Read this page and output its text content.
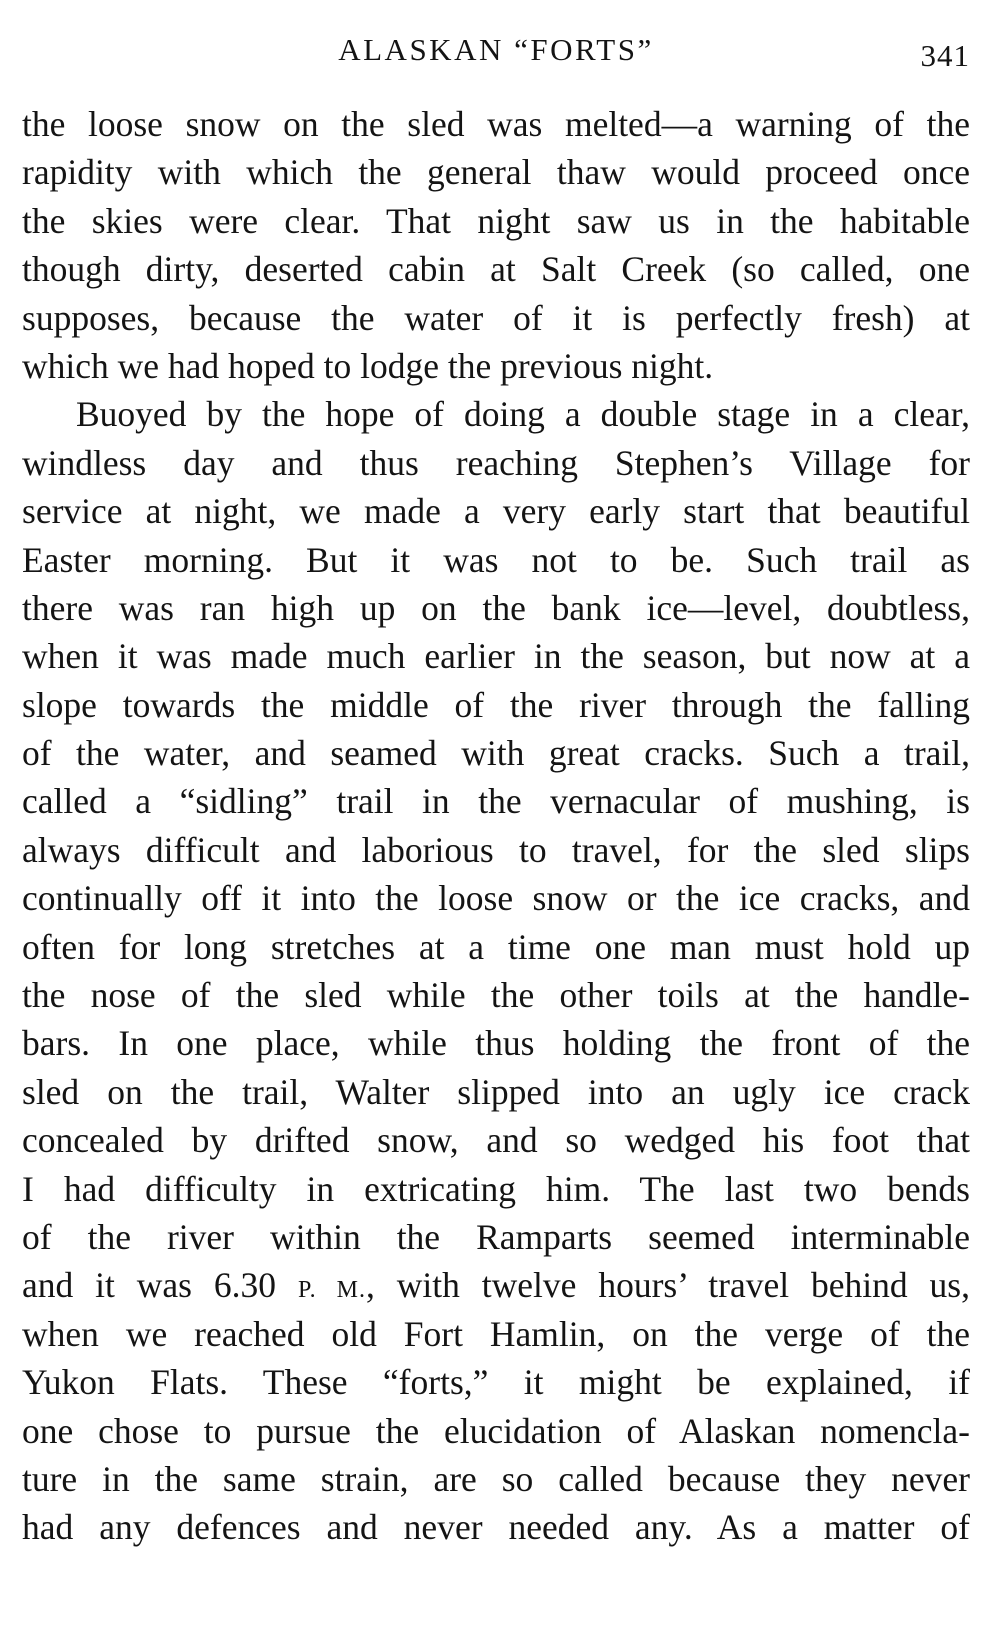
ALASKAN “FORTS”	341
the loose snow on the sled was melted—a warning of the
rapidity with which the general thaw would proceed once
the skies were clear. That night saw us in the habitable
though dirty, deserted cabin at Salt Creek (so called, one
supposes, because the water of it is perfectly fresh) at
which we had hoped to lodge the previous night.
Buoyed by the hope of doing a double stage in a clear,
windless day and thus reaching Stephen’s Village for
service at night, we made a very early start that beautiful
Easter morning. But it was not to be. Such trail as
there was ran high up on the bank ice—level, doubtless,
when it was made much earlier in the season, but now at a
slope towards the middle of the river through the falling
of the water, and seamed with great cracks. Such a trail,
called a “sidling” trail in the vernacular of mushing, is
always difficult and laborious to travel, for the sled slips
continually off it into the loose snow or the ice cracks, and
often for long stretches at a time one man must hold up
the nose of the sled while the other toils at the handle-
bars. In one place, while thus holding the front of the
sled on the trail, Walter slipped into an ugly ice crack
concealed by drifted snow, and so wedged his foot that
I had difficulty in extricating him. The last two bends
of the river within the Ramparts seemed interminable
and it was 6.30 P. M., with twelve hours’ travel behind us,
when we reached old Fort Hamlin, on the verge of the
Yukon Flats. These “forts,” it might be explained, if
one chose to pursue the elucidation of Alaskan nomencla-
ture in the same strain, are so called because they never
had any defences and never needed any. As a matter of
